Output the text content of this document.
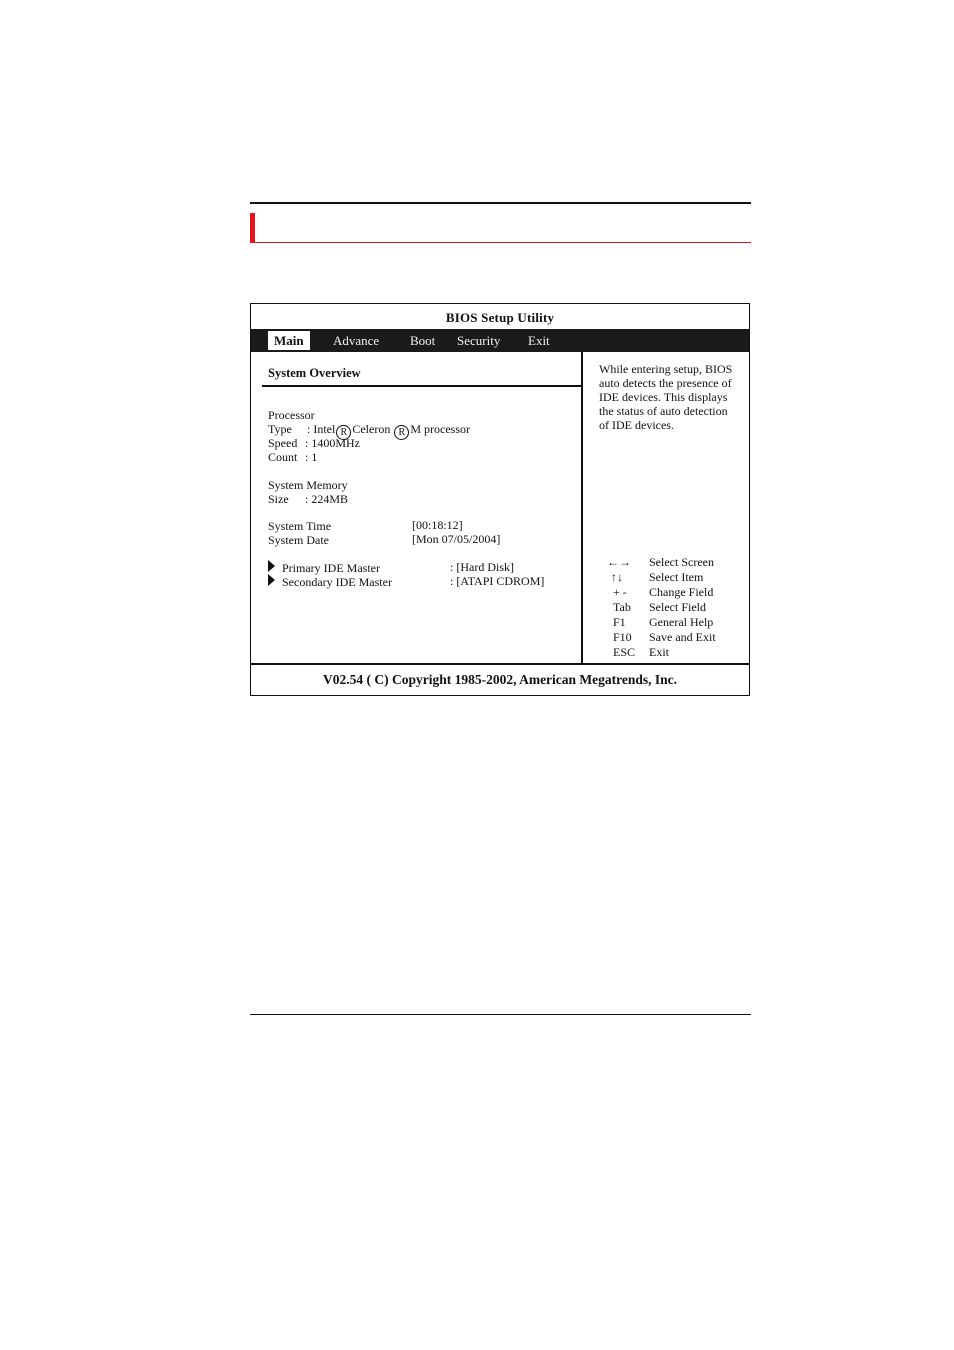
BIOS Setup Utility
Main	Advance	Boot	Security	Exit
System Overview
Processor
Type : Intel R Celeron R M processor
Speed : 1400MHz
Count : 1
System Memory
Size : 224MB
System Time	[00:18:12]
System Date	[Mon 07/05/2004]
Primary IDE Master	: [Hard Disk]
Secondary IDE Master	: [ATAPI CDROM]
While entering setup, BIOS auto detects the presence of IDE devices. This displays the status of auto detection of IDE devices.
←→ Select Screen
↑↓ Select Item
+ - Change Field
Tab Select Field
F1 General Help
F10 Save and Exit
ESC Exit
V02.54 ( C) Copyright 1985-2002, American Megatrends, Inc.
